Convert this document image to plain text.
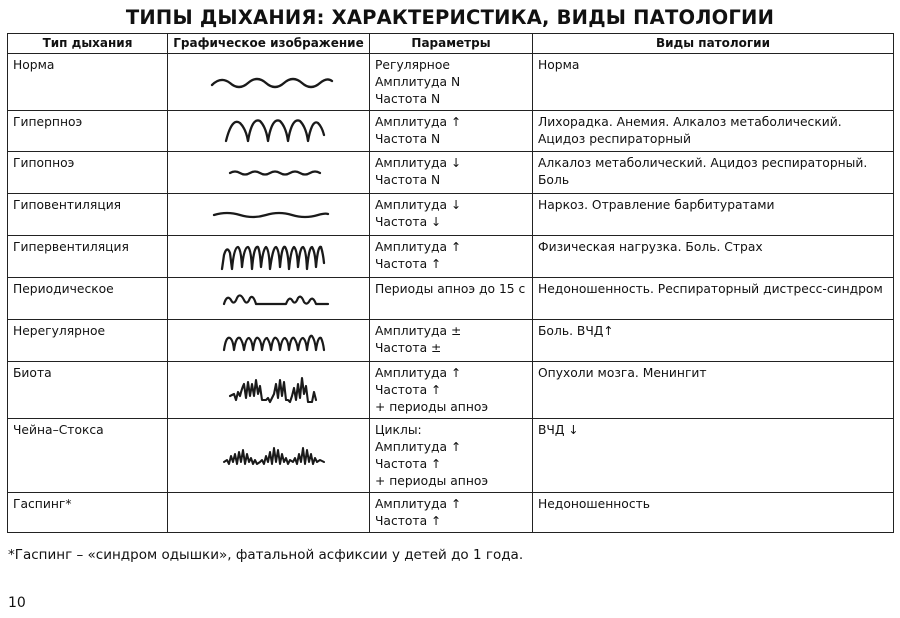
ТИПЫ ДЫХАНИЯ: ХАРАКТЕРИСТИКА, ВИДЫ ПАТОЛОГИИ
Тип дыхания	Графическое изображение	Параметры	Виды патологии
Норма		Регулярное
Амплитуда N
Частота N	Норма
Гиперпноэ		Амплитуда ↑
Частота N	Лихорадка. Анемия. Алкалоз метаболический. Ацидоз респираторный
Гипопноэ		Амплитуда ↓
Частота N	Алкалоз метаболический. Ацидоз респираторный. Боль
Гиповентиляция		Амплитуда ↓
Частота ↓	Наркоз. Отравление барбитуратами
Гипервентиляция		Амплитуда ↑
Частота ↑	Физическая нагрузка. Боль. Страх
Периодическое		Периоды апноэ до 15 с	Недоношенность. Респираторный дистресс-синдром
Нерегулярное		Амплитуда ±
Частота ±	Боль. ВЧД↑
Биота		Амплитуда ↑
Частота ↑
+ периоды апноэ	Опухоли мозга. Менингит
Чейна–Стокса		Циклы:
Амплитуда ↑
Частота ↑
+ периоды апноэ	ВЧД ↓
Гаспинг*		Амплитуда ↑
Частота ↑	Недоношенность
*Гаспинг – «синдром одышки», фатальной асфиксии у детей до 1 года.
10
